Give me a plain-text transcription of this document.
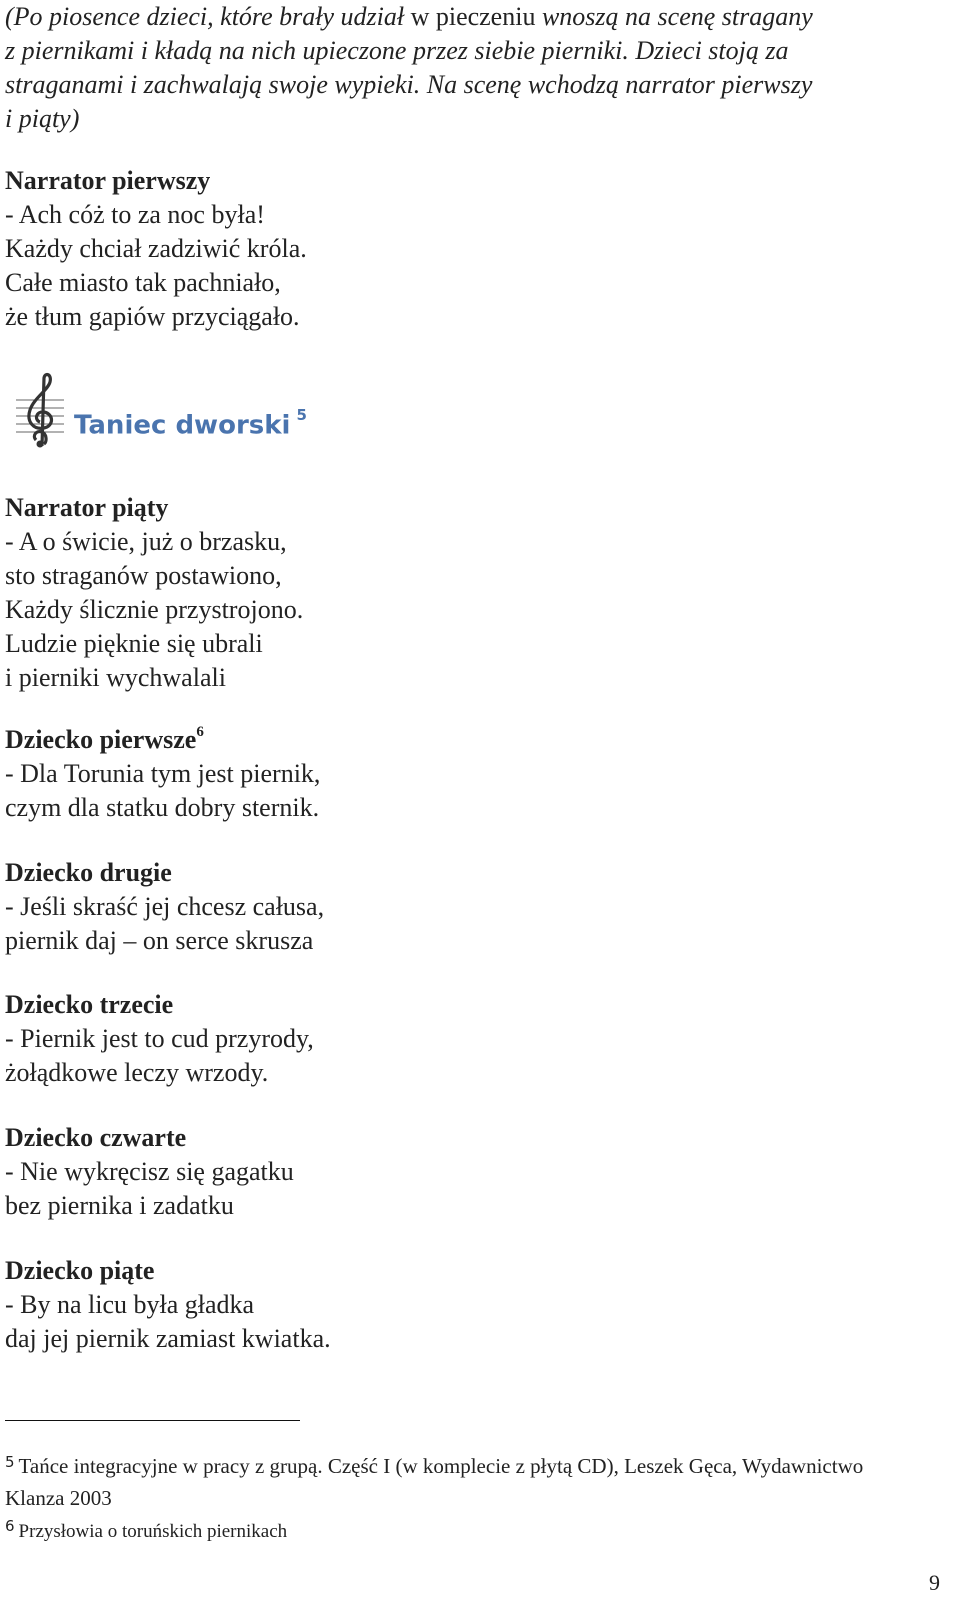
(Po piosence dzieci, które brały udział w pieczeniu wnoszą na scenę stragany
z piernikami i kładą na nich upieczone przez siebie pierniki. Dzieci stoją za
straganami i zachwalają swoje wypieki. Na scenę wchodzą narrator pierwszy
i piąty)
Narrator pierwszy
- Ach cóż to za noc była!
Każdy chciał zadziwić króla.
Całe miasto tak pachniało,
że tłum gapiów przyciągało.
Taniec dworski $^5$
Narrator piąty
- A o świcie, już o brzasku,
sto straganów postawiono,
Każdy ślicznie przystrojono.
Ludzie pięknie się ubrali
i pierniki wychwalali
Dziecko pierwsze$^6$
- Dla Torunia tym jest piernik,
czym dla statku dobry sternik.
Dziecko drugie
- Jeśli skraść jej chcesz całusa,
piernik daj – on serce skrusza
Dziecko trzecie
- Piernik jest to cud przyrody,
żołądkowe leczy wrzody.
Dziecko czwarte
- Nie wykręcisz się gagatku
bez piernika i zadatku
Dziecko piąte
- By na licu była gładka
daj jej piernik zamiast kwiatka.
$^5$ Tańce integracyjne w pracy z grupą. Część I (w komplecie z płytą CD), Leszek Gęca, Wydawnictwo
Klanza 2003
$^6$ Przysłowia o toruńskich piernikach
9
